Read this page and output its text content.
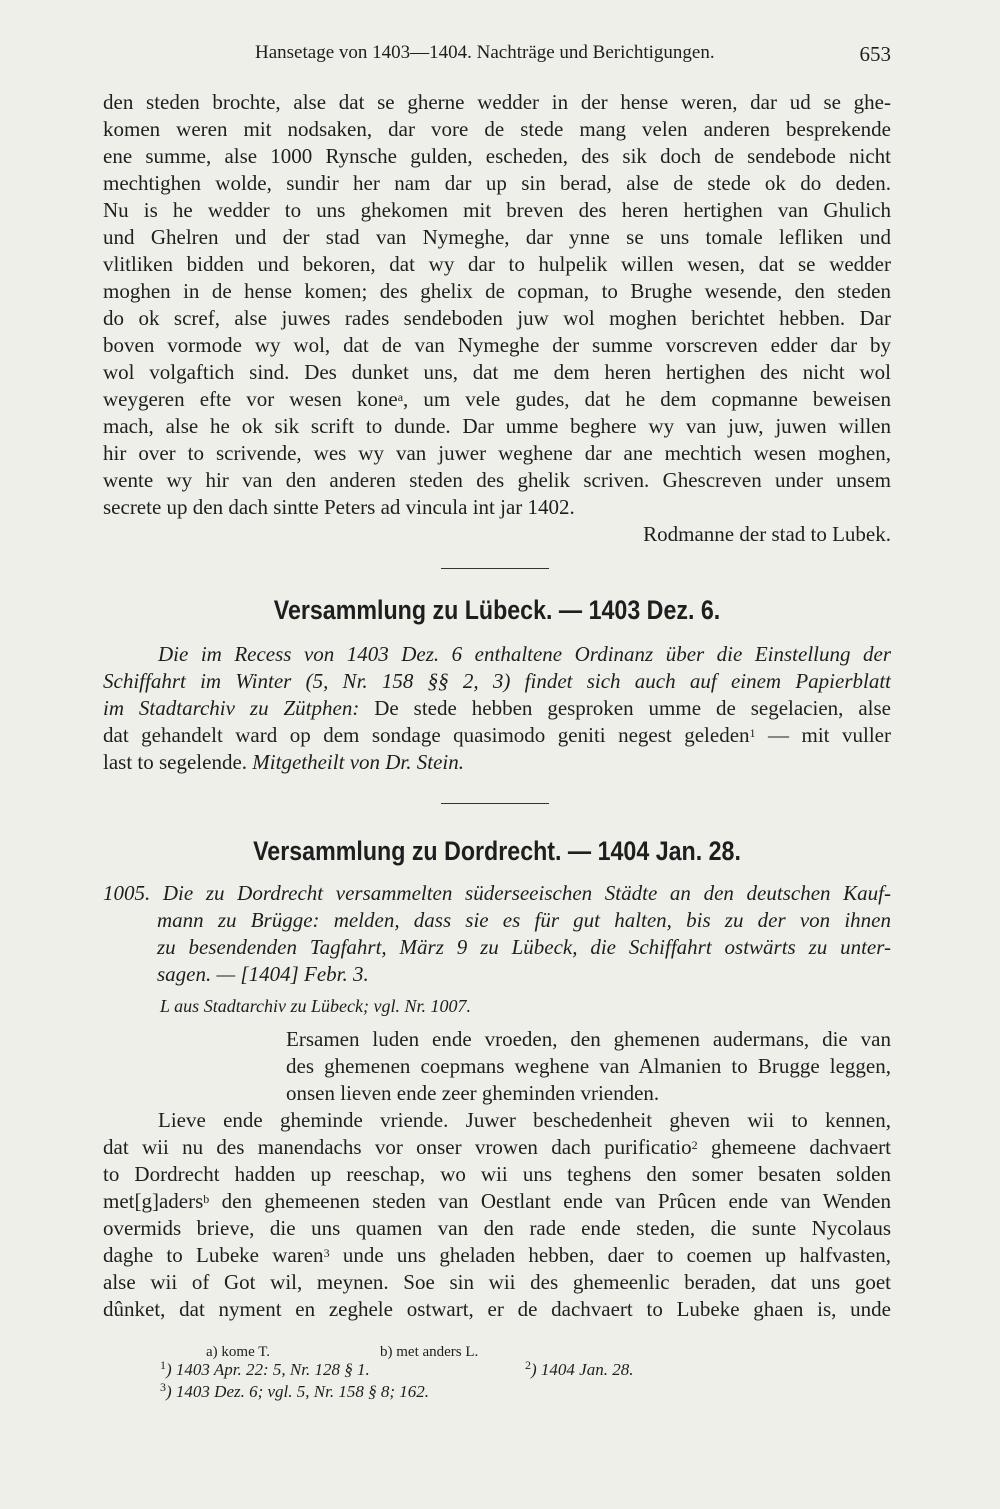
Hansetage von 1403—1404. Nachträge und Berichtigungen.	653
den steden brochte, alse dat se gherne wedder in der hense weren, dar ud se ghe-
komen weren mit nodsaken, dar vore de stede mang velen anderen besprekende
ene summe, alse 1000 Rynsche gulden, escheden, des sik doch de sendebode nicht
mechtighen wolde, sundir her nam dar up sin berad, alse de stede ok do deden.
Nu is he wedder to uns ghekomen mit breven des heren hertighen van Ghulich
und Ghelren und der stad van Nymeghe, dar ynne se uns tomale lefliken und
vlitliken bidden und bekoren, dat wy dar to hulpelik willen wesen, dat se wedder
moghen in de hense komen; des ghelix de copman, to Brughe wesende, den steden
do ok scref, alse juwes rades sendeboden juw wol moghen berichtet hebben. Dar
boven vormode wy wol, dat de van Nymeghe der summe vorscreven edder dar by
wol volgaftich sind. Des dunket uns, dat me dem heren hertighen des nicht wol
weygeren efte vor wesen kone$^a$, um vele gudes, dat he dem copmanne beweisen
mach, alse he ok sik scrift to dunde. Dar umme beghere wy van juw, juwen willen
hir over to scrivende, wes wy van juwer weghene dar ane mechtich wesen moghen,
wente wy hir van den anderen steden des ghelik scriven. Ghescreven under unsem
secrete up den dach sintte Peters ad vincula int jar 1402.
Rodmanne der stad to Lubek.
Versammlung zu Lübeck. — 1403 Dez. 6.
Die im Recess von 1403 Dez. 6 enthaltene Ordinanz über die Einstellung der
Schiffahrt im Winter (5, Nr. 158 §§ 2, 3) findet sich auch auf einem Papierblatt
im Stadtarchiv zu Zütphen: De stede hebben gesproken umme de segelacien, alse
dat gehandelt ward op dem sondage quasimodo geniti negest geleden$^1$ — mit vuller
last to segelende. Mitgetheilt von Dr. Stein.
Versammlung zu Dordrecht. — 1404 Jan. 28.
1005. Die zu Dordrecht versammelten süderseeischen Städte an den deutschen Kauf-
mann zu Brügge: melden, dass sie es für gut halten, bis zu der von ihnen
zu besendenden Tagfahrt, März 9 zu Lübeck, die Schiffahrt ostwärts zu unter-
sagen. — [1404] Febr. 3.
L aus Stadtarchiv zu Lübeck; vgl. Nr. 1007.
Ersamen luden ende vroeden, den ghemenen audermans, die van
des ghemenen coepmans weghene van Almanien to Brugge leggen,
onsen lieven ende zeer gheminden vrienden.
Lieve ende gheminde vriende. Juwer beschedenheit gheven wii to kennen,
dat wii nu des manendachs vor onser vrowen dach purificatio$^2$ ghemeene dachvaert
to Dordrecht hadden up reeschap, wo wii uns teghens den somer besaten solden
met[g]aders$^b$ den ghemeenen steden van Oestlant ende van Prûcen ende van Wenden
overmids brieve, die uns quamen van den rade ende steden, die sunte Nycolaus
daghe to Lubeke waren$^3$ unde uns gheladen hebben, daer to coemen up halfvasten,
alse wii of Got wil, meynen. Soe sin wii des ghemeenlic beraden, dat uns goet
dûnket, dat nyment en zeghele ostwart, er de dachvaert to Lubeke ghaen is, unde
a) kome T.	b) met anders L.
$^1$) 1403 Apr. 22: 5, Nr. 128 § 1.	$^2$) 1404 Jan. 28.
$^3$) 1403 Dez. 6; vgl. 5, Nr. 158 § 8; 162.
